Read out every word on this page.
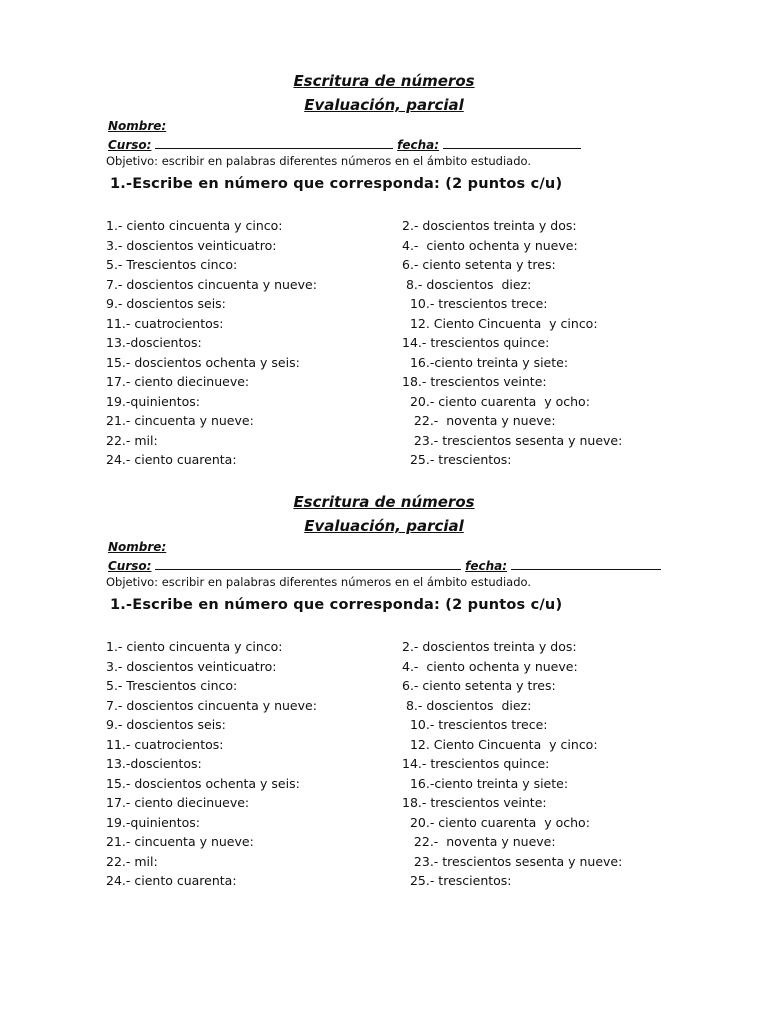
Escritura de números
Evaluación, parcial
Nombre:
Curso:	fecha:
Objetivo: escribir en palabras diferentes números en el ámbito estudiado.
1.-Escribe en número que corresponda: (2 puntos c/u)
1.- ciento cincuenta y cinco:	2.- doscientos treinta y dos:
3.- doscientos veinticuatro:	4.-  ciento ochenta y nueve:
5.- Trescientos cinco:	6.- ciento setenta y tres:
7.- doscientos cincuenta y nueve:	8.- doscientos  diez:
9.- doscientos seis:	10.- trescientos trece:
11.- cuatrocientos:	12. Ciento Cincuenta  y cinco:
13.-doscientos:	14.- trescientos quince:
15.- doscientos ochenta y seis:	16.-ciento treinta y siete:
17.- ciento diecinueve:	18.- trescientos veinte:
19.-quinientos:	20.- ciento cuarenta  y ocho:
21.- cincuenta y nueve:	22.-  noventa y nueve:
22.- mil:	23.- trescientos sesenta y nueve:
24.- ciento cuarenta:	25.- trescientos:
Escritura de números
Evaluación, parcial
Nombre:
Curso:	fecha:
Objetivo: escribir en palabras diferentes números en el ámbito estudiado.
1.-Escribe en número que corresponda: (2 puntos c/u)
1.- ciento cincuenta y cinco:	2.- doscientos treinta y dos:
3.- doscientos veinticuatro:	4.-  ciento ochenta y nueve:
5.- Trescientos cinco:	6.- ciento setenta y tres:
7.- doscientos cincuenta y nueve:	8.- doscientos  diez:
9.- doscientos seis:	10.- trescientos trece:
11.- cuatrocientos:	12. Ciento Cincuenta  y cinco:
13.-doscientos:	14.- trescientos quince:
15.- doscientos ochenta y seis:	16.-ciento treinta y siete:
17.- ciento diecinueve:	18.- trescientos veinte:
19.-quinientos:	20.- ciento cuarenta  y ocho:
21.- cincuenta y nueve:	22.-  noventa y nueve:
22.- mil:	23.- trescientos sesenta y nueve:
24.- ciento cuarenta:	25.- trescientos:
